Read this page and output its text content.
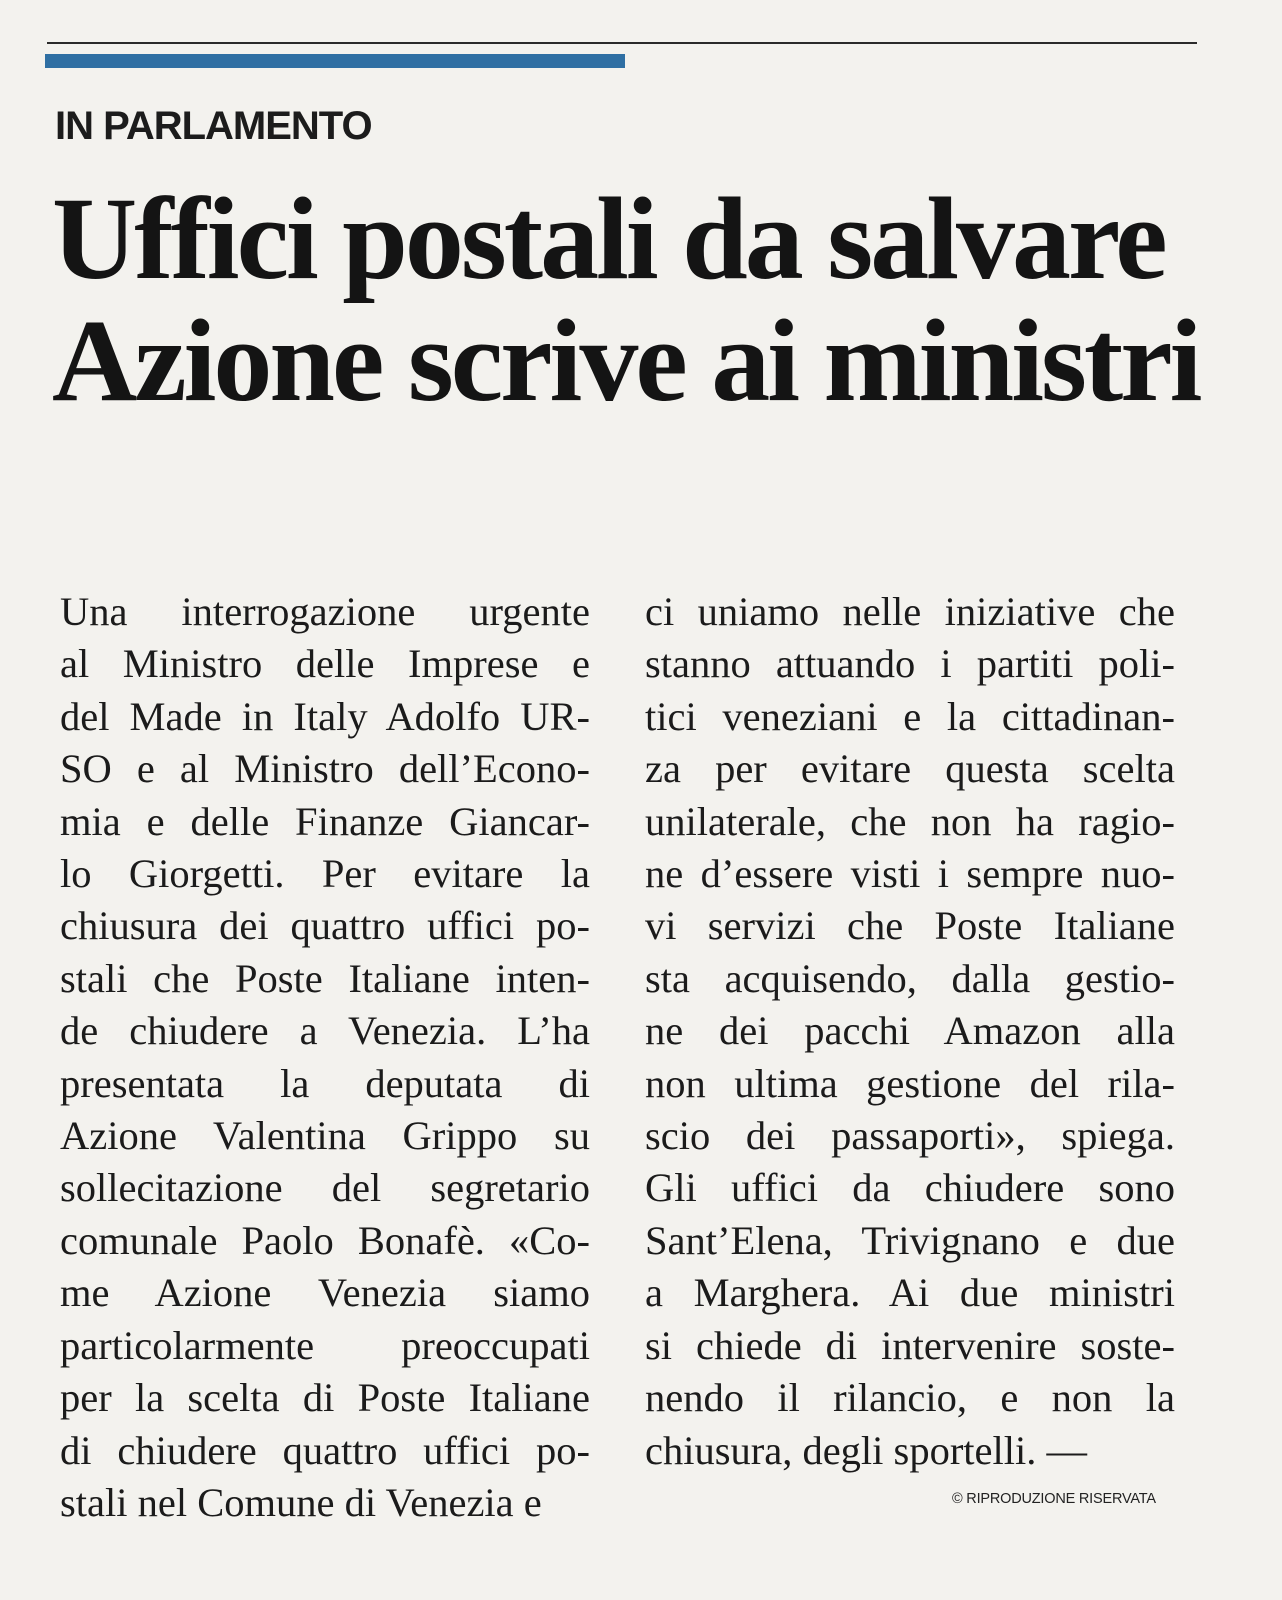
IN PARLAMENTO
Uffici postali da salvare
Azione scrive ai ministri
Una interrogazione urgente
al Ministro delle Imprese e
del Made in Italy Adolfo UR-
SO e al Ministro dell’Econo-
mia e delle Finanze Giancar-
lo Giorgetti. Per evitare la
chiusura dei quattro uffici po-
stali che Poste Italiane inten-
de chiudere a Venezia. L’ha
presentata la deputata di
Azione Valentina Grippo su
sollecitazione del segretario
comunale Paolo Bonafè. «Co-
me Azione Venezia siamo
particolarmente preoccupati
per la scelta di Poste Italiane
di chiudere quattro uffici po-
stali nel Comune di Venezia e
ci uniamo nelle iniziative che
stanno attuando i partiti poli-
tici veneziani e la cittadinan-
za per evitare questa scelta
unilaterale, che non ha ragio-
ne d’essere visti i sempre nuo-
vi servizi che Poste Italiane
sta acquisendo, dalla gestio-
ne dei pacchi Amazon alla
non ultima gestione del rila-
scio dei passaporti», spiega.
Gli uffici da chiudere sono
Sant’Elena, Trivignano e due
a Marghera. Ai due ministri
si chiede di intervenire soste-
nendo il rilancio, e non la
chiusura, degli sportelli. —
© RIPRODUZIONE RISERVATA
